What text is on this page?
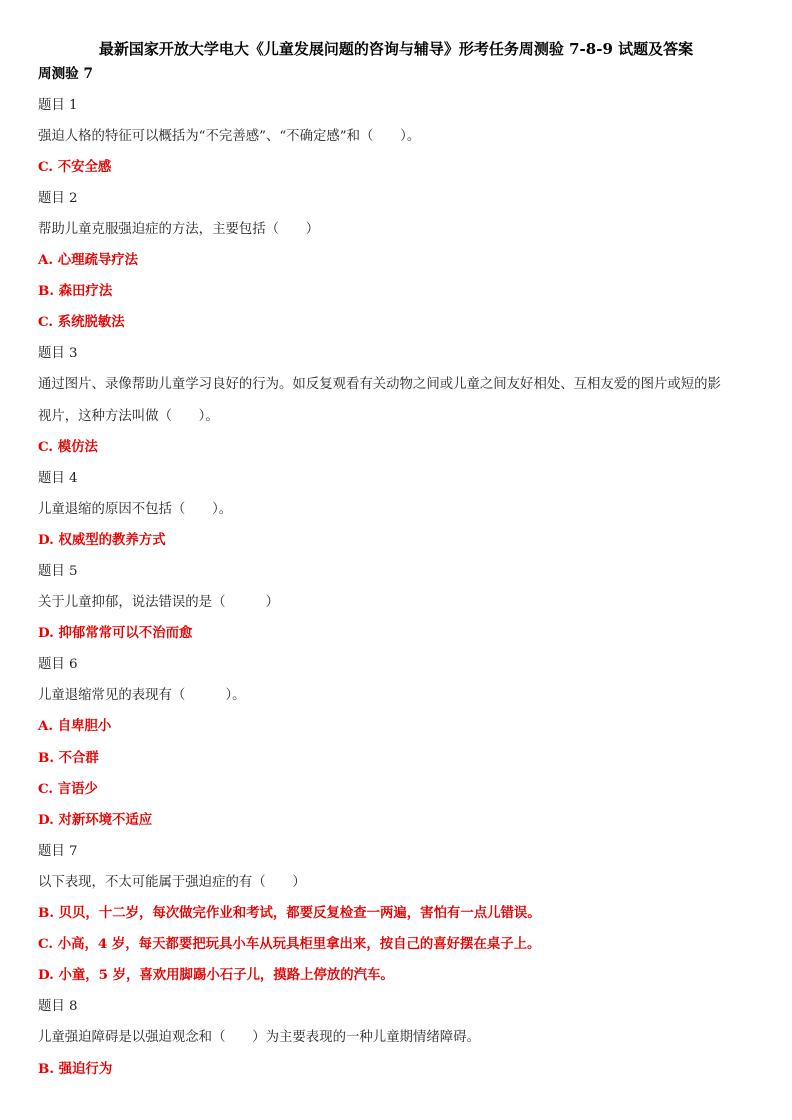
最新国家开放大学电大《儿童发展问题的咨询与辅导》形考任务周测验 7-8-9 试题及答案
周测验 7
题目 1
强迫人格的特征可以概括为“不完善感”、“不确定感”和（　　）。
C. 不安全感
题目 2
帮助儿童克服强迫症的方法，主要包括（　　）
A. 心理疏导疗法
B. 森田疗法
C. 系统脱敏法
题目 3
通过图片、录像帮助儿童学习良好的行为。如反复观看有关动物之间或儿童之间友好相处、互相友爱的图片或短的影
视片，这种方法叫做（　　）。
C. 模仿法
题目 4
儿童退缩的原因不包括（　　）。
D. 权威型的教养方式
题目 5
关于儿童抑郁，说法错误的是（　　　）
D. 抑郁常常可以不治而愈
题目 6
儿童退缩常见的表现有（　　　）。
A. 自卑胆小
B. 不合群
C. 言语少
D. 对新环境不适应
题目 7
以下表现，不太可能属于强迫症的有（　　）
B. 贝贝，十二岁，每次做完作业和考试，都要反复检查一两遍，害怕有一点儿错误。
C. 小高，4 岁，每天都要把玩具小车从玩具柜里拿出来，按自己的喜好摆在桌子上。
D. 小童，5 岁，喜欢用脚踢小石子儿，摸路上停放的汽车。
题目 8
儿童强迫障碍是以强迫观念和（　　）为主要表现的一种儿童期情绪障碍。
B. 强迫行为
